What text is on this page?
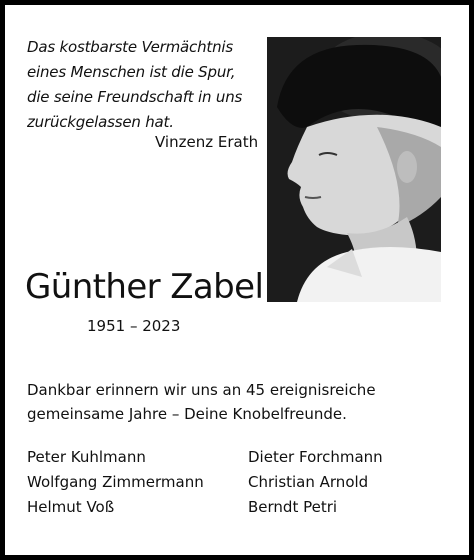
Das kostbarste Vermächtnis
eines Menschen ist die Spur,
die seine Freundschaft in uns
zurückgelassen hat.
Vinzenz Erath
Günther Zabel
1951 – 2023
Dankbar erinnern wir uns an 45 ereignisreiche
gemeinsame Jahre – Deine Knobelfreunde.
Peter Kuhlmann
Wolfgang Zimmermann
Helmut Voß
Dieter Forchmann
Christian Arnold
Berndt Petri
